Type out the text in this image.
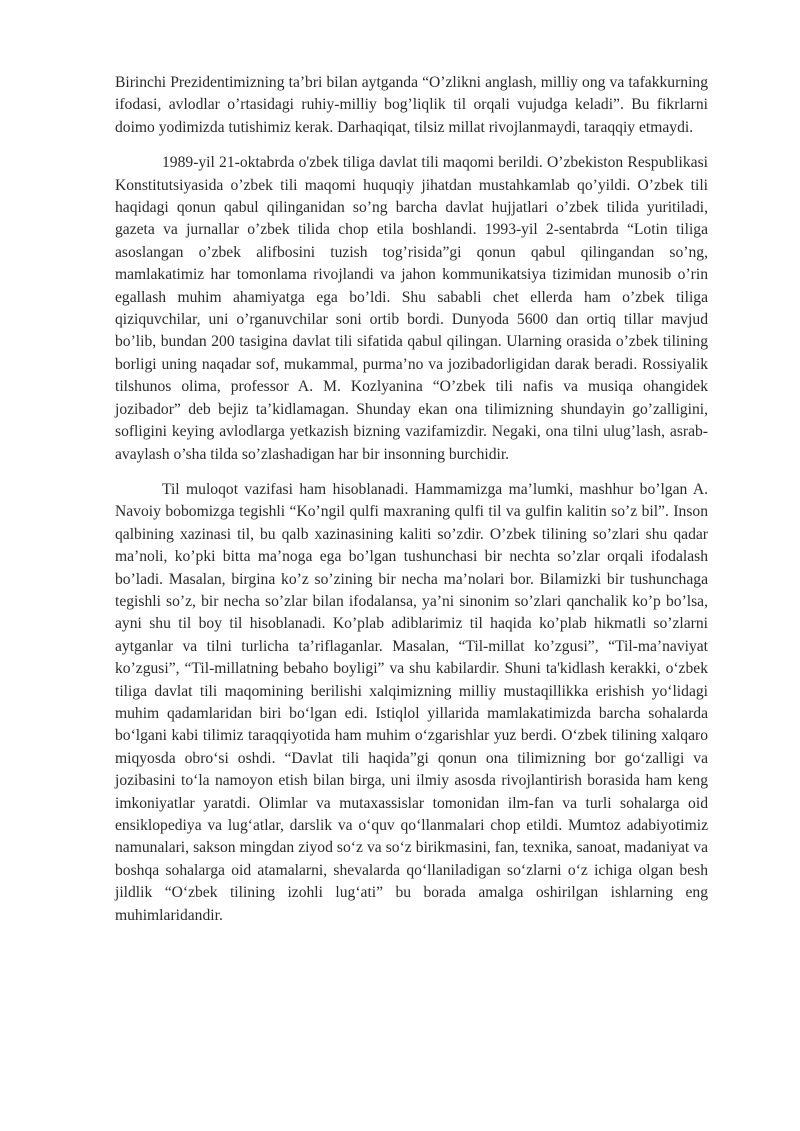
Birinchi Prezidentimizning ta’bri bilan aytganda “O’zlikni anglash, milliy ong va tafakkurning ifodasi, avlodlar o’rtasidagi ruhiy-milliy bog’liqlik til orqali vujudga keladi”. Bu fikrlarni doimo yodimizda tutishimiz kerak. Darhaqiqat, tilsiz millat rivojlanmaydi, taraqqiy etmaydi.

1989-yil 21-oktabrda o'zbek tiliga davlat tili maqomi berildi. O’zbekiston Respublikasi Konstitutsiyasida o’zbek tili maqomi huquqiy jihatdan mustahkamlab qo’yildi. O’zbek tili haqidagi qonun qabul qilinganidan so’ng barcha davlat hujjatlari o’zbek tilida yuritiladi, gazeta va jurnallar o’zbek tilida chop etila boshlandi. 1993-yil 2-sentabrda “Lotin tiliga asoslangan o’zbek alifbosini tuzish tog’risida”gi qonun qabul qilingandan so’ng, mamlakatimiz har tomonlama rivojlandi va jahon kommunikatsiya tizimidan munosib o’rin egallash muhim ahamiyatga ega bo’ldi. Shu sababli chet ellerda ham o’zbek tiliga qiziquvchilar, uni o’rganuvchilar soni ortib bordi. Dunyoda 5600 dan ortiq tillar mavjud bo’lib, bundan 200 tasigina davlat tili sifatida qabul qilingan. Ularning orasida o’zbek tilining borligi uning naqadar sof, mukammal, purma’no va jozibadorligidan darak beradi. Rossiyalik tilshunos olima, professor A. M. Kozlyanina “O’zbek tili nafis va musiqa ohangidek jozibador” deb bejiz ta’kidlamagan. Shunday ekan ona tilimizning shundayin go’zalligini, sofligini keying avlodlarga yetkazish bizning vazifamizdir. Negaki, ona tilni ulug’lash, asrab-avaylash o’sha tilda so’zlashadigan har bir insonning burchidir.

Til muloqot vazifasi ham hisoblanadi. Hammamizga ma’lumki, mashhur bo’lgan A. Navoiy bobomizga tegishli “Ko’ngil qulfi maxraning qulfi til va gulfin kalitin so’z bil”. Inson qalbining xazinasi til, bu qalb xazinasining kaliti so’zdir. O’zbek tilining so’zlari shu qadar ma’noli, ko’pki bitta ma’noga ega bo’lgan tushunchasi bir nechta so’zlar orqali ifodalash bo’ladi. Masalan, birgina ko’z so’zining bir necha ma’nolari bor. Bilamizki bir tushunchaga tegishli so’z, bir necha so’zlar bilan ifodalansa, ya’ni sinonim so’zlari qanchalik ko’p bo’lsa, ayni shu til boy til hisoblanadi. Ko’plab adiblarimiz til haqida ko’plab hikmatli so’zlarni aytganlar va tilni turlicha ta’riflaganlar. Masalan, “Til-millat ko’zgusi”, “Til-ma’naviyat ko’zgusi”, “Til-millatning bebaho boyligi” va shu kabilardir. Shuni ta'kidlash kerakki, o‘zbek tiliga davlat tili maqomining berilishi xalqimizning milliy mustaqillikka erishish yo‘lidagi muhim qadamlaridan biri bo‘lgan edi. Istiqlol yillarida mamlakatimizda barcha sohalarda bo‘lgani kabi tilimiz taraqqiyotida ham muhim o‘zgarishlar yuz berdi. O‘zbek tilining xalqaro miqyosda obro‘si oshdi. “Davlat tili haqida”gi qonun ona tilimizning bor go‘zalligi va jozibasini to‘la namoyon etish bilan birga, uni ilmiy asosda rivojlantirish borasida ham keng imkoniyatlar yaratdi. Olimlar va mutaxassislar tomonidan ilm-fan va turli sohalarga oid ensiklopediya va lug‘atlar, darslik va o‘quv qo‘llanmalari chop etildi. Mumtoz adabiyotimiz namunalari, sakson mingdan ziyod so‘z va so‘z birikmasini, fan, texnika, sanoat, madaniyat va boshqa sohalarga oid atamalarni, shevalarda qo‘llaniladigan so‘zlarni o‘z ichiga olgan besh jildlik “O‘zbek tilining izohli lug‘ati” bu borada amalga oshirilgan ishlarning eng muhimlaridandir.
